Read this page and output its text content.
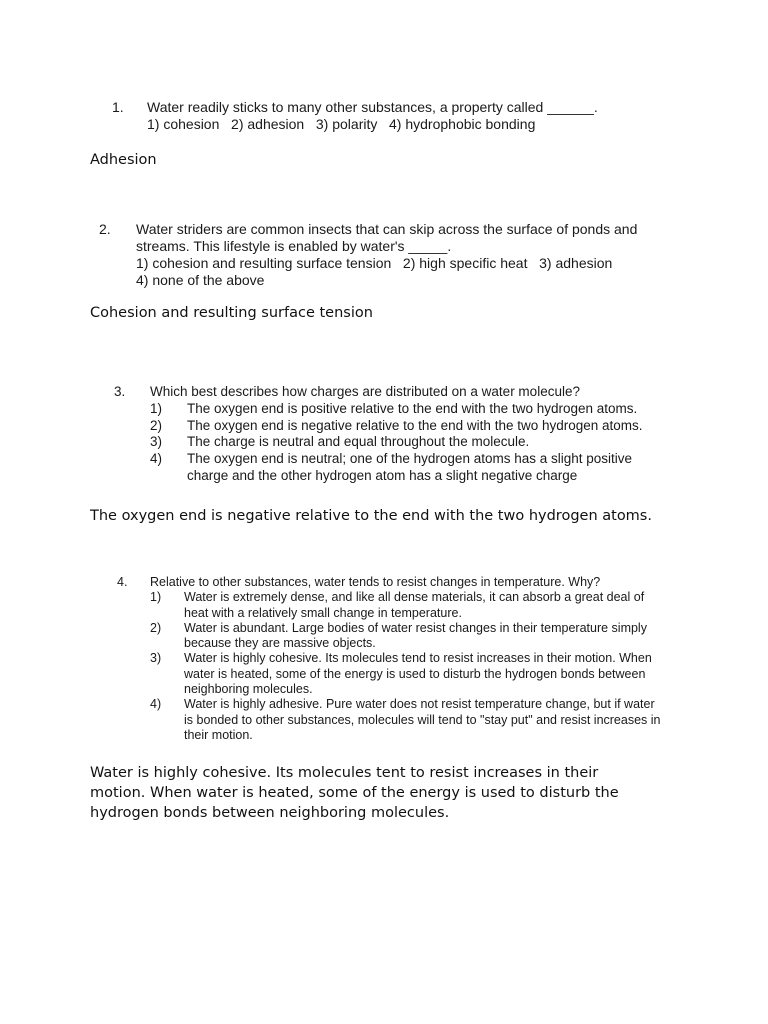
1.	Water readily sticks to many other substances, a property called ______.
1) cohesion   2) adhesion   3) polarity   4) hydrophobic bonding

Adhesion

2.	Water striders are common insects that can skip across the surface of ponds and streams. This lifestyle is enabled by water's _____.
1) cohesion and resulting surface tension   2) high specific heat   3) adhesion
4) none of the above

Cohesion and resulting surface tension

3.	Which best describes how charges are distributed on a water molecule?
1)	The oxygen end is positive relative to the end with the two hydrogen atoms.
2)	The oxygen end is negative relative to the end with the two hydrogen atoms.
3)	The charge is neutral and equal throughout the molecule.
4)	The oxygen end is neutral; one of the hydrogen atoms has a slight positive charge and the other hydrogen atom has a slight negative charge

The oxygen end is negative relative to the end with the two hydrogen atoms.

4.	Relative to other substances, water tends to resist changes in temperature. Why?
1)	Water is extremely dense, and like all dense materials, it can absorb a great deal of heat with a relatively small change in temperature.
2)	Water is abundant. Large bodies of water resist changes in their temperature simply because they are massive objects.
3)	Water is highly cohesive. Its molecules tend to resist increases in their motion. When water is heated, some of the energy is used to disturb the hydrogen bonds between neighboring molecules.
4)	Water is highly adhesive. Pure water does not resist temperature change, but if water is bonded to other substances, molecules will tend to "stay put" and resist increases in their motion.

Water is highly cohesive. Its molecules tent to resist increases in their motion. When water is heated, some of the energy is used to disturb the hydrogen bonds between neighboring molecules.
